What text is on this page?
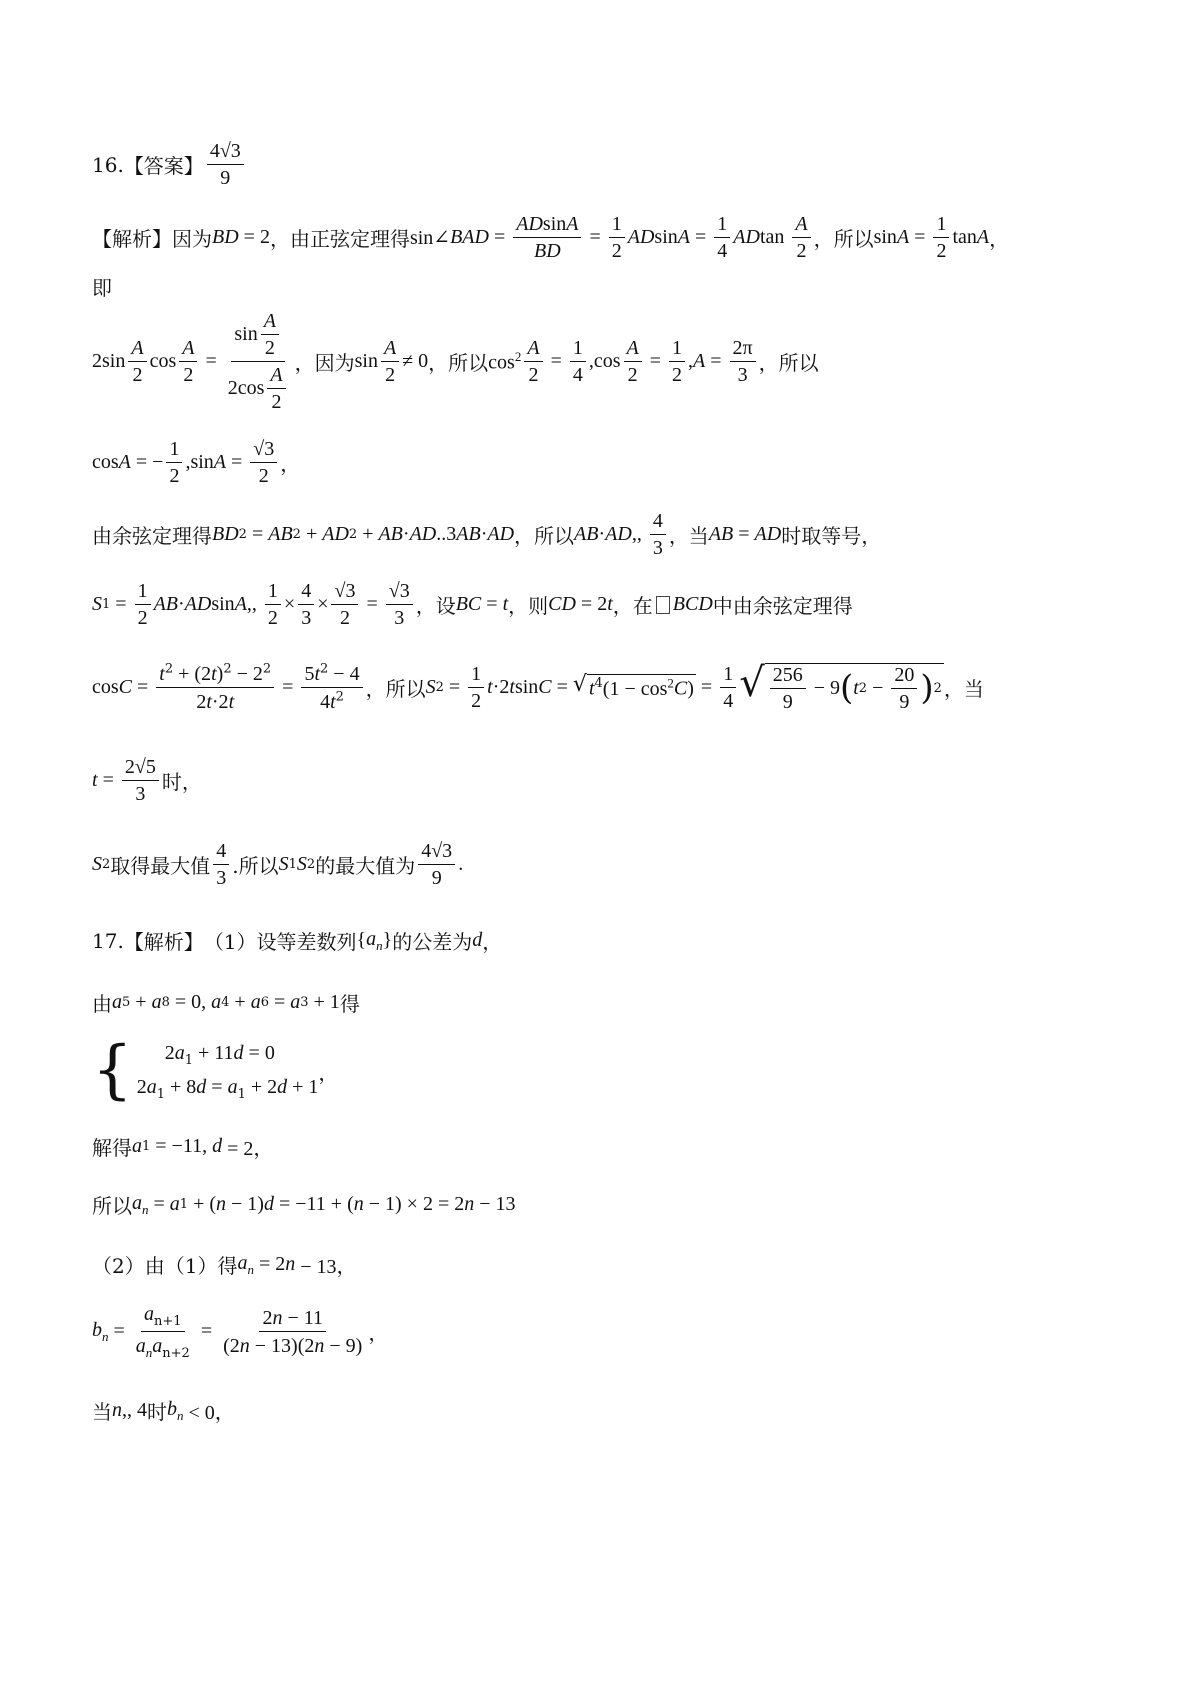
16. 【答案】 $\frac{4√3}{9}$
【解析】 因为 BD = 2 ，由正弦定理得 sin∠ BAD = $\frac{ADsinA}{BD} = \frac{1}{2}$ AD $\sin A = \frac{1}{4}$ AD $\tan \frac{A}{2}$ ，所以 $\sin A = \frac{1}{2}$ tan A ，
即
$2\sin \frac{A}{2}$ $\cos \frac{A}{2} = \frac{\sin \frac{A}{2}}{2\cos \frac{A}{2}}$ ，因为 $\sin \frac{A}{2} \ne 0$ ，所以 $\cos^2 \frac{A}{2} = \frac{1}{4} ,\cos \frac{A}{2} = \frac{1}{2}$ , $A = \frac{2\pi}{3}$ ，所以
cos A = − $\frac{1}{2} ,\sin$ $A = \frac{√3}{2}$ ，
由余弦定理得 BD 2 = AB 2 + AD 2 + AB · AD ..3 AB · AD ，所以 AB · AD ,, $\frac{4}{3}$ ，当 AB = AD 时取等号，
S $1 = \frac{1}{2}$ AB · AD sin A ,, $\frac{1}{2} \times \frac{4}{3} \times \frac{√3}{2} = \frac{√3}{3}$ ，设 BC = t ，则 CD = 2 t ，在 BCD 中由余弦定理得
$\cos C = \frac{t^2 + (2t)^2 - 2^2}{2t\cdot 2t} = \frac{5t^2 - 4}{4t^2}$ ，所以 S $2 = \frac{1}{2}$ t ·2 t sin C = √ $t^4(1 - \cos^2C) = \frac{1}{4}$ √ $\frac{256}{9} - 9$ ( t $2 - \frac{20}{9}$ ) 2 ，当
$t = \frac{2√5}{3}$ 时，
S 2 取得最大值 $\frac{4}{3}$ .所以 S 1 S 2 的最大值为 $\frac{4√3}{9}$ .
17. 【解析】 （1）设等差数列 { $a_n$ } 的公差为 d ，
由 a 5 + a 8 = 0, a 4 + a 6 = a 3 + 1 得
{	$2a_1 + 11d = 0$
$2a_1 + 8d = a_1 + 2d + 1$
，
解得 a 1 = −11, d = 2，
所以 $a_n = a$ 1 + ( n − 1) d = −11 + ( n − 1) × 2 = 2 n − 13
（2）由（1）得 $a_n = 2$ n − 13，
$b_n = \frac{a_{n+1}}{a_na_{n+2}} = \frac{2n - 11}{(2n - 13)(2n - 9)}$ ，
当 n ,, 4 时 $b_n < 0$，
